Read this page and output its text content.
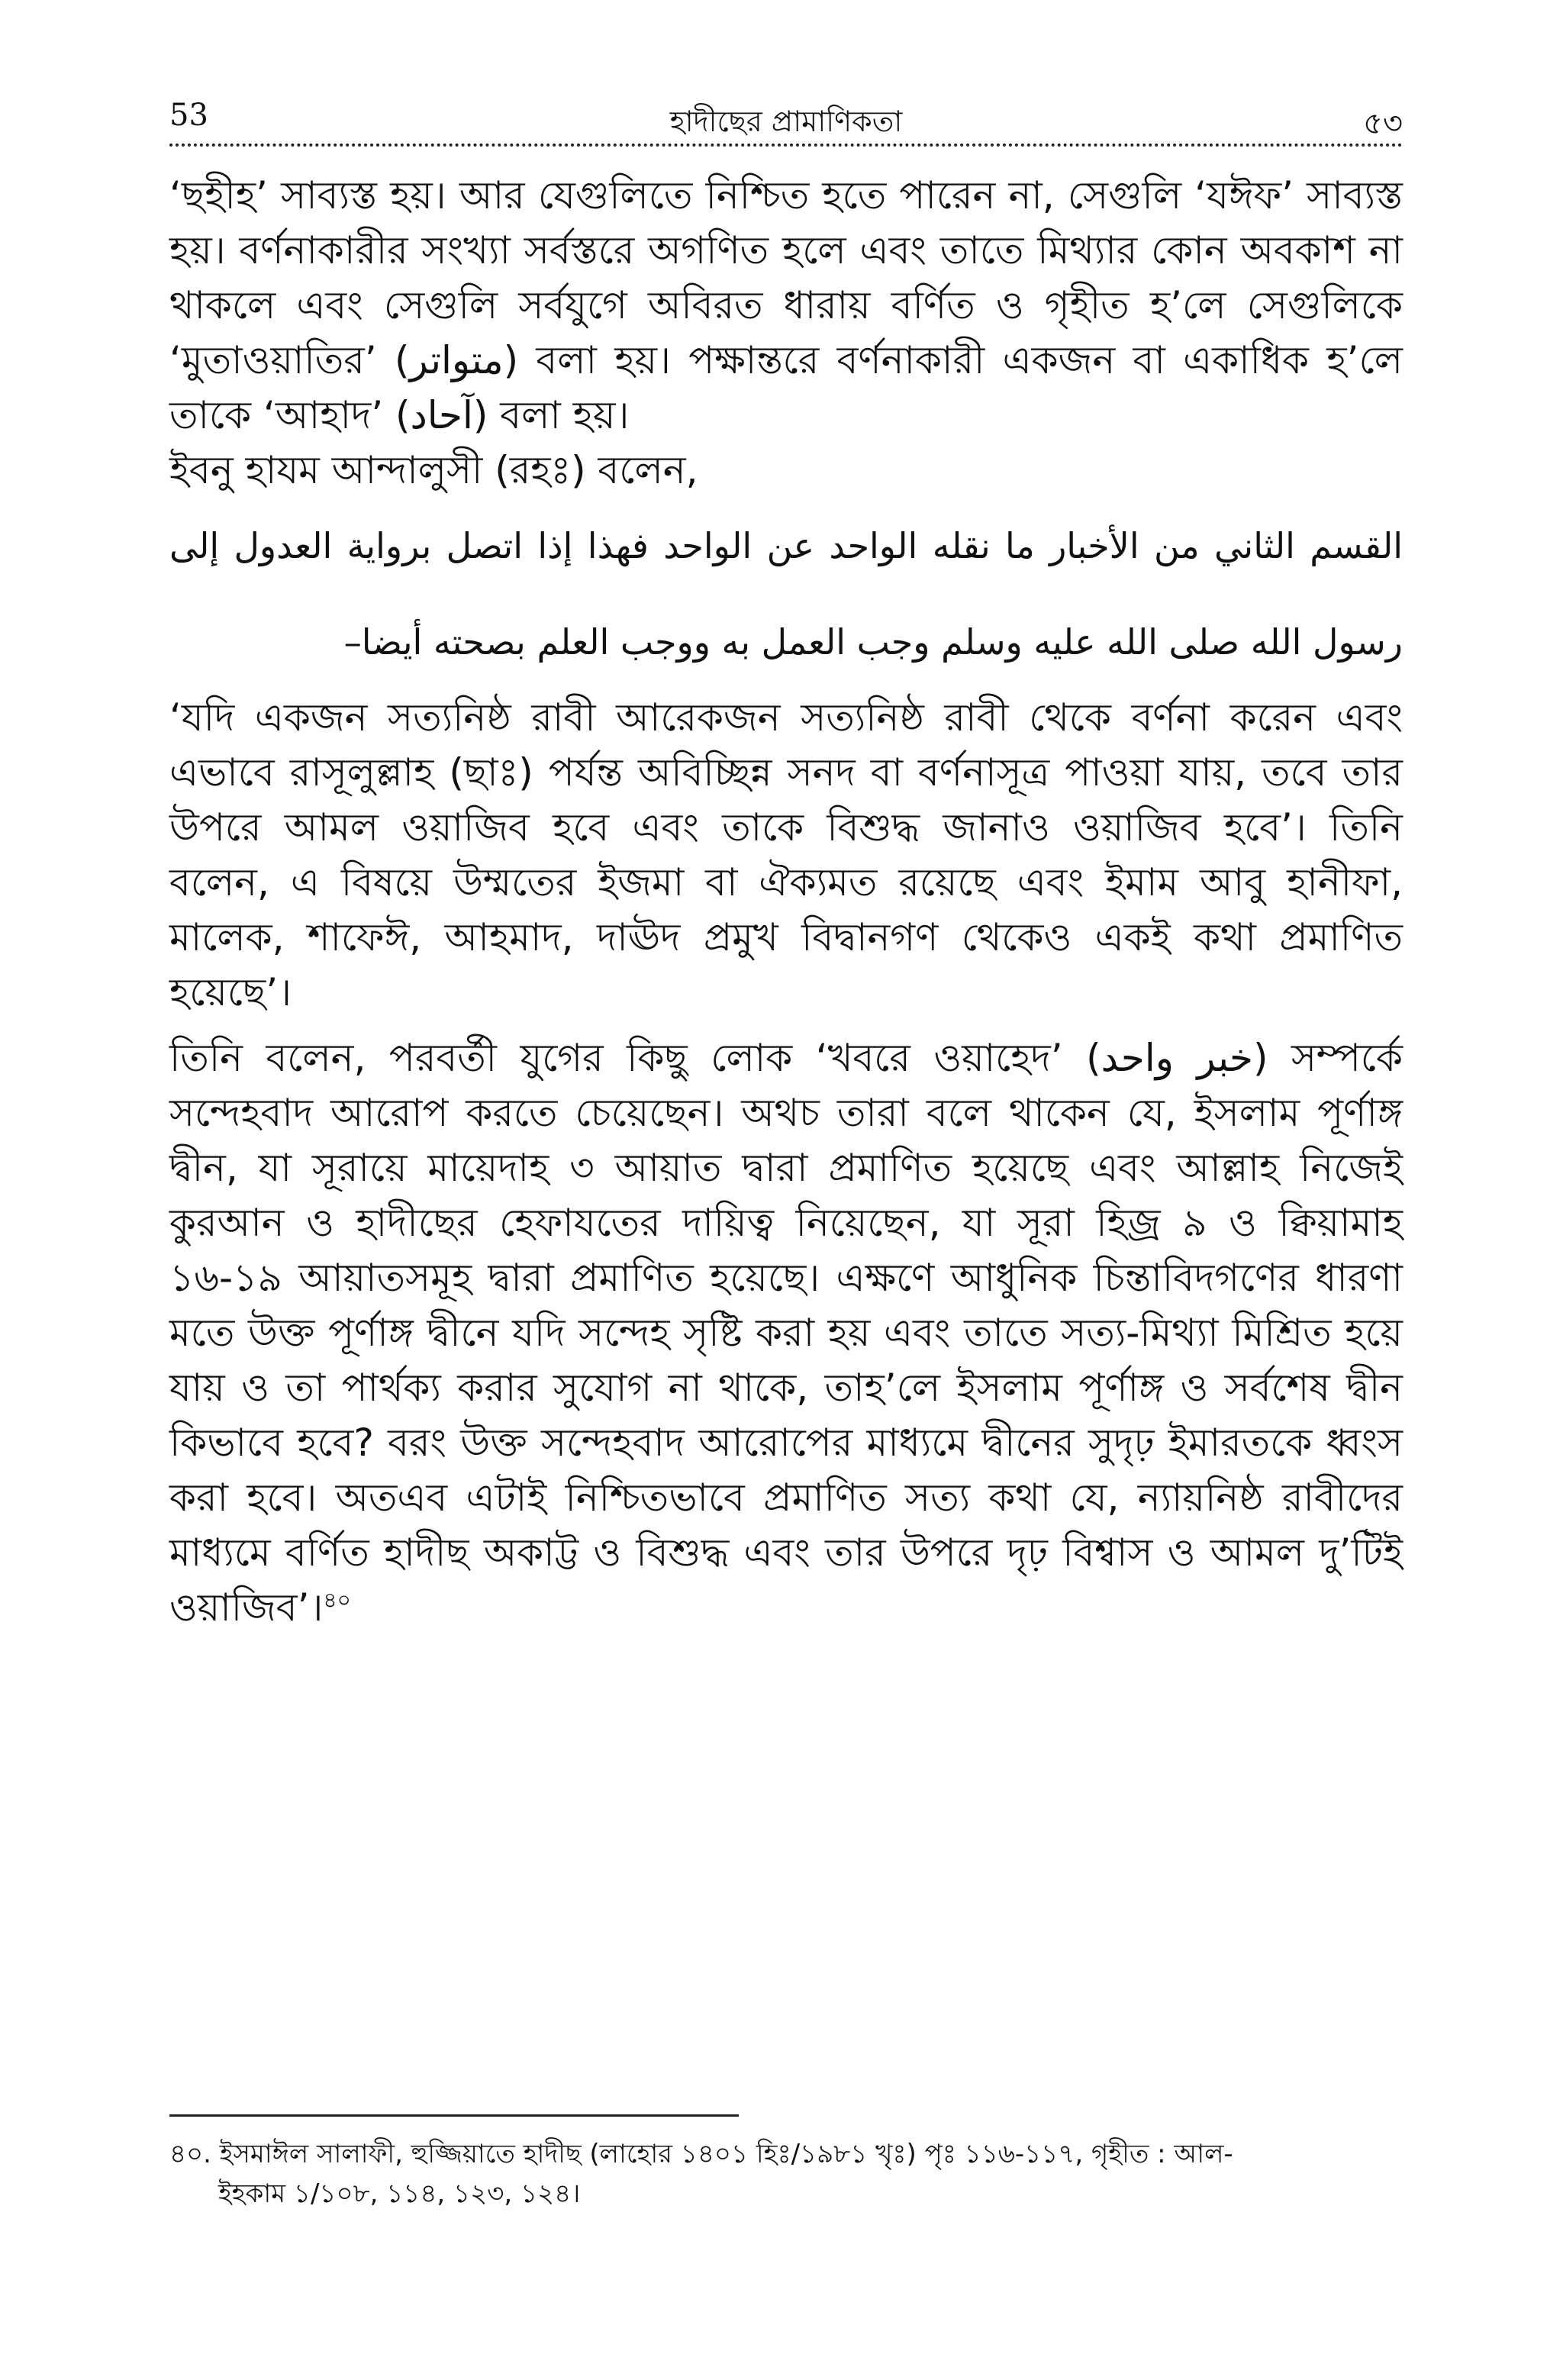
53	হাদীছের প্রামাণিকতা	৫৩

‘ছহীহ’ সাব্যস্ত হয়। আর যেগুলিতে নিশ্চিত হতে পারেন না, সেগুলি ‘যঈফ’ সাব্যস্ত হয়। বর্ণনাকারীর সংখ্যা সর্বস্তরে অগণিত হলে এবং তাতে মিথ্যার কোন অবকাশ না থাকলে এবং সেগুলি সর্বযুগে অবিরত ধারায় বর্ণিত ও গৃহীত হ’লে সেগুলিকে ‘মুতাওয়াতির’ (متواتر) বলা হয়। পক্ষান্তরে বর্ণনাকারী একজন বা একাধিক হ’লে তাকে ‘আহাদ’ (آحاد) বলা হয়।

ইবনু হাযম আন্দালুসী (রহঃ) বলেন,

القسم الثاني من الأخبار ما نقله الواحد عن الواحد فهذا إذا اتصل برواية العدول إلى رسول الله صلى الله عليه وسلم وجب العمل به ووجب العلم بصحته أيضا–

‘যদি একজন সত্যনিষ্ঠ রাবী আরেকজন সত্যনিষ্ঠ রাবী থেকে বর্ণনা করেন এবং এভাবে রাসূলুল্লাহ (ছাঃ) পর্যন্ত অবিচ্ছিন্ন সনদ বা বর্ণনাসূত্র পাওয়া যায়, তবে তার উপরে আমল ওয়াজিব হবে এবং তাকে বিশুদ্ধ জানাও ওয়াজিব হবে’। তিনি বলেন, এ বিষয়ে উম্মতের ইজমা বা ঐক্যমত রয়েছে এবং ইমাম আবু হানীফা, মালেক, শাফেঈ, আহমাদ, দাঊদ প্রমুখ বিদ্বানগণ থেকেও একই কথা প্রমাণিত হয়েছে’।

তিনি বলেন, পরবর্তী যুগের কিছু লোক ‘খবরে ওয়াহেদ’ (خبر واحد) সম্পর্কে সন্দেহবাদ আরোপ করতে চেয়েছেন। অথচ তারা বলে থাকেন যে, ইসলাম পূর্ণাঙ্গ দ্বীন, যা সূরায়ে মায়েদাহ ৩ আয়াত দ্বারা প্রমাণিত হয়েছে এবং আল্লাহ নিজেই কুরআন ও হাদীছের হেফাযতের দায়িত্ব নিয়েছেন, যা সূরা হিজ্র ৯ ও ক্বিয়ামাহ ১৬-১৯ আয়াতসমূহ দ্বারা প্রমাণিত হয়েছে। এক্ষণে আধুনিক চিন্তাবিদগণের ধারণা মতে উক্ত পূর্ণাঙ্গ দ্বীনে যদি সন্দেহ সৃষ্টি করা হয় এবং তাতে সত্য-মিথ্যা মিশ্রিত হয়ে যায় ও তা পার্থক্য করার সুযোগ না থাকে, তাহ’লে ইসলাম পূর্ণাঙ্গ ও সর্বশেষ দ্বীন কিভাবে হবে? বরং উক্ত সন্দেহবাদ আরোপের মাধ্যমে দ্বীনের সুদৃঢ় ইমারতকে ধ্বংস করা হবে। অতএব এটাই নিশ্চিতভাবে প্রমাণিত সত্য কথা যে, ন্যায়নিষ্ঠ রাবীদের মাধ্যমে বর্ণিত হাদীছ অকাট্ট ও বিশুদ্ধ এবং তার উপরে দৃঢ় বিশ্বাস ও আমল দু’টিই ওয়াজিব’।$^{৪০}$

৪০. ইসমাঈল সালাফী, হুজ্জিয়াতে হাদীছ (লাহোর ১৪০১ হিঃ/১৯৮১ খৃঃ) পৃঃ ১১৬-১১৭, গৃহীত : আল-
ইহকাম ১/১০৮, ১১৪, ১২৩, ১২৪।
